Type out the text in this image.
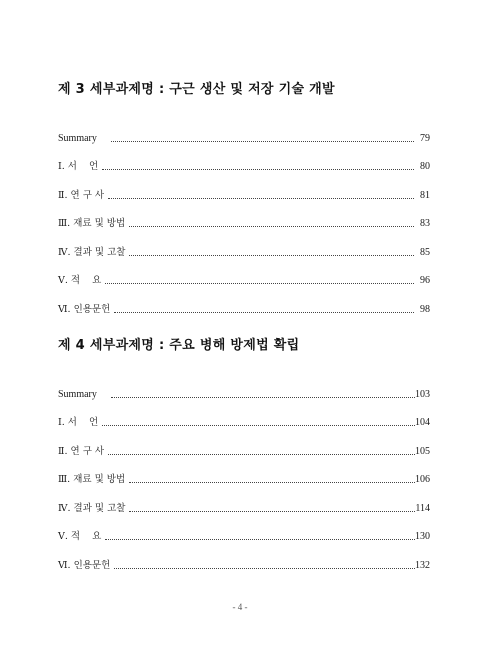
제 3 세부과제명 : 구근 생산 및 저장 기술 개발
Summary	79
Ⅰ. 서    언	80
Ⅱ. 연 구 사	81
Ⅲ. 재료 및 방법	83
Ⅳ. 결과 및 고찰	85
Ⅴ. 적    요	96
Ⅵ. 인용문헌	98
제 4 세부과제명 : 주요 병해 방제법 확립
Summary	103
Ⅰ. 서    언	104
Ⅱ. 연 구 사	105
Ⅲ. 재료 및 방법	106
Ⅳ. 결과 및 고찰	114
Ⅴ. 적    요	130
Ⅵ. 인용문헌	132
- 4 -
